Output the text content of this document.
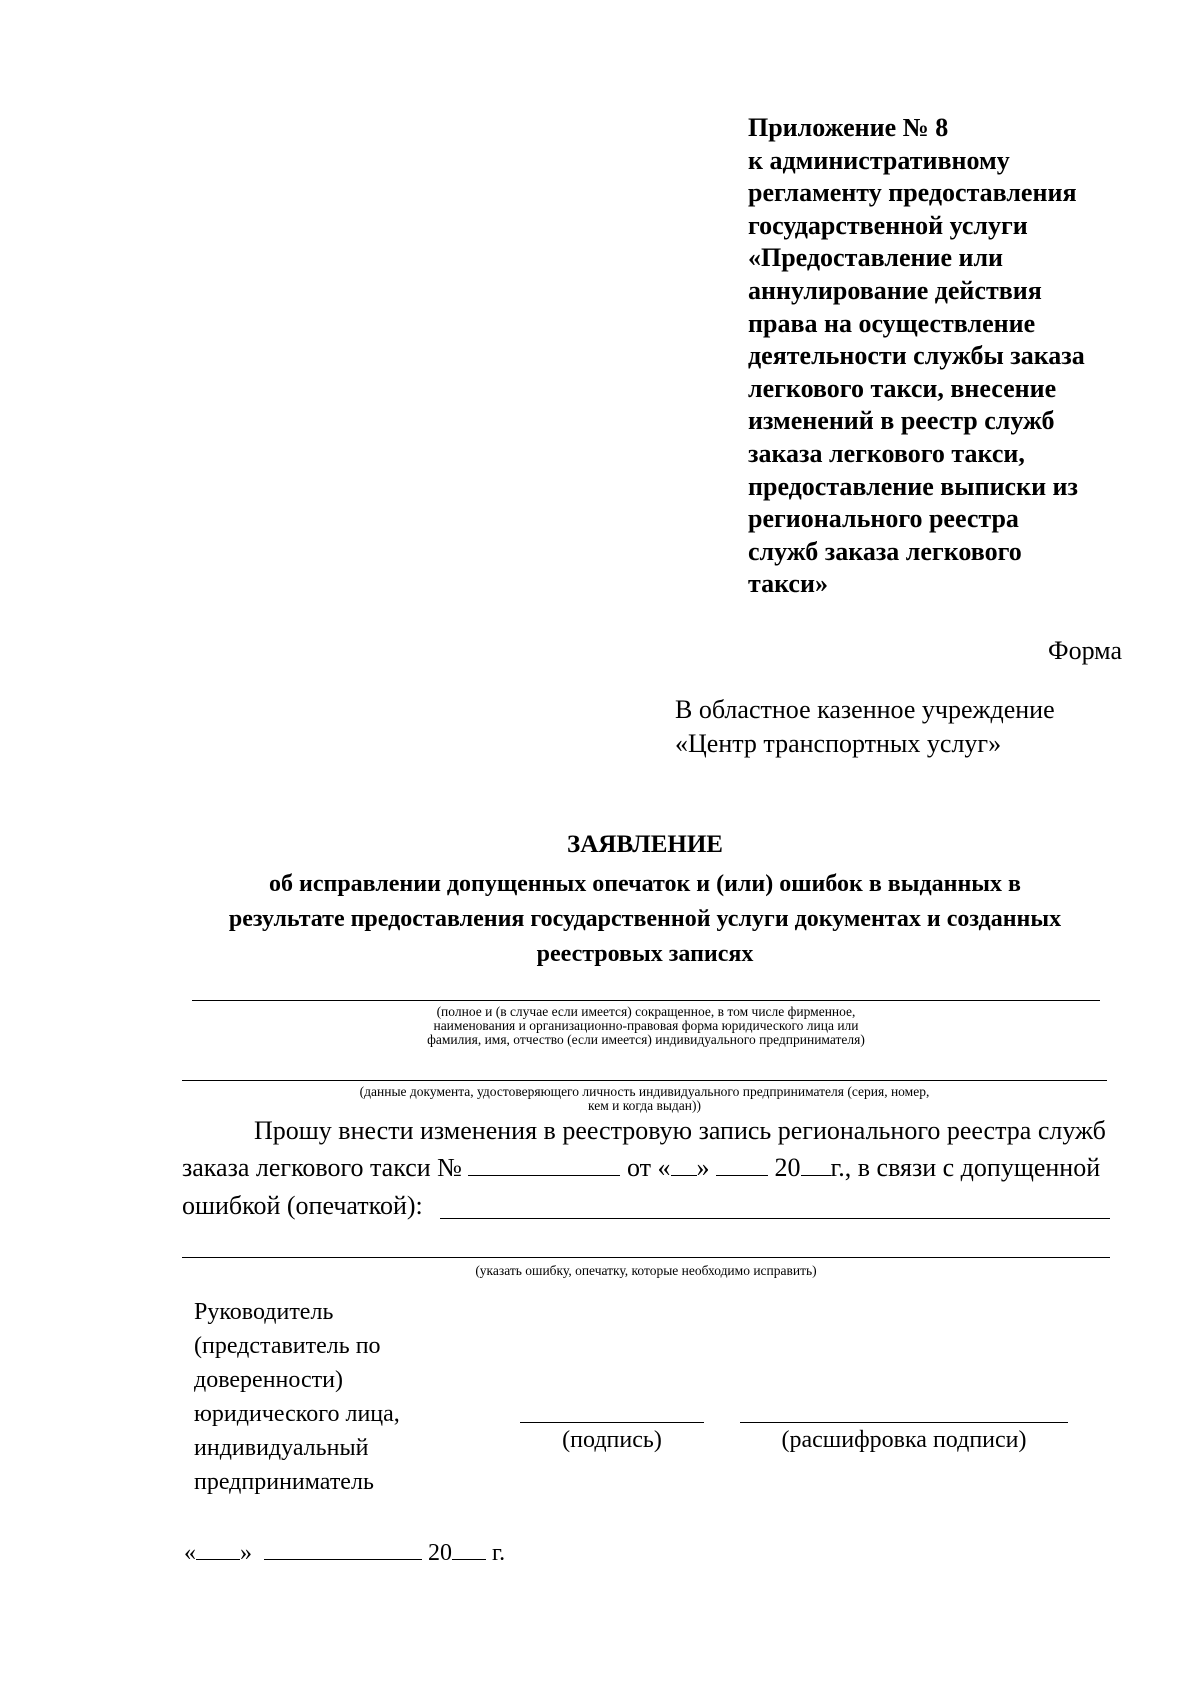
Приложение № 8
к административному
регламенту предоставления
государственной услуги
«Предоставление или
аннулирование действия
права на осуществление
деятельности службы заказа
легкового такси, внесение
изменений в реестр служб
заказа легкового такси,
предоставление выписки из
регионального реестра
служб заказа легкового
такси»
Форма
В областное казенное учреждение
«Центр транспортных услуг»
ЗАЯВЛЕНИЕ
об исправлении допущенных опечаток и (или) ошибок в выданных в
результате предоставления государственной услуги документах и созданных
реестровых записях
(полное и (в случае если имеется) сокращенное, в том числе фирменное,
наименования и организационно-правовая форма юридического лица или
фамилия, имя, отчество (если имеется) индивидуального предпринимателя)
(данные документа, удостоверяющего личность индивидуального предпринимателя (серия, номер,
кем и когда выдан))
Прошу внести изменения в реестровую запись регионального реестра служб
заказа легкового такси №	от « »	20 г., в связи с допущенной
ошибкой (опечаткой):
(указать ошибку, опечатку, которые необходимо исправить)
Руководитель
(представитель по
доверенности)
юридического лица,
индивидуальный
предприниматель
(подпись)	(расшифровка подписи)
« »	20 г.
